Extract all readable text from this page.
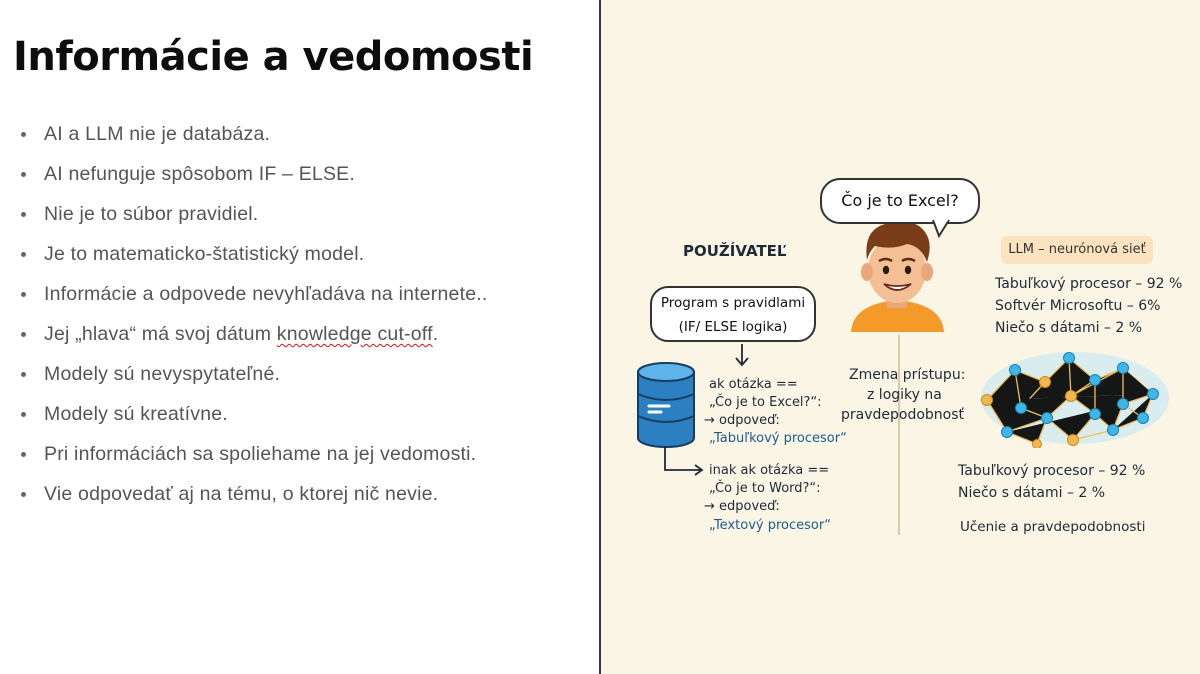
Informácie a vedomosti
AI a LLM nie je databáza.
AI nefunguje spôsobom IF – ELSE.
Nie je to súbor pravidiel.
Je to matematicko-štatistický model.
Informácie a odpovede nevyhľadáva na internete..
Jej „hlava“ má svoj dátum knowledge cut-off.
Modely sú nevyspytateľné.
Modely sú kreatívne.
Pri informáciách sa spoliehame na jej vedomosti.
Vie odpovedať aj na tému, o ktorej nič nevie.
Čo je to Excel?
POUŽÍVATEĽ
Program s pravidlami
(IF/ ELSE logika)
ak otázka ==
„Čo je to Excel?“:
→ odpoveď:
„Tabuľkový procesor“
inak ak otázka ==
„Čo je to Word?“:
→ edpoveď:
„Textový procesor“
Zmena prístupu:
z logiky na
pravdepodobnosť
LLM – neurónová sieť
Tabuľkový procesor – 92 %
Softvér Microsoftu – 6%
Niečo s dátami – 2 %
Tabuľkový procesor – 92 %
Niečo s dátami – 2 %
Učenie a pravdepodobnosti
